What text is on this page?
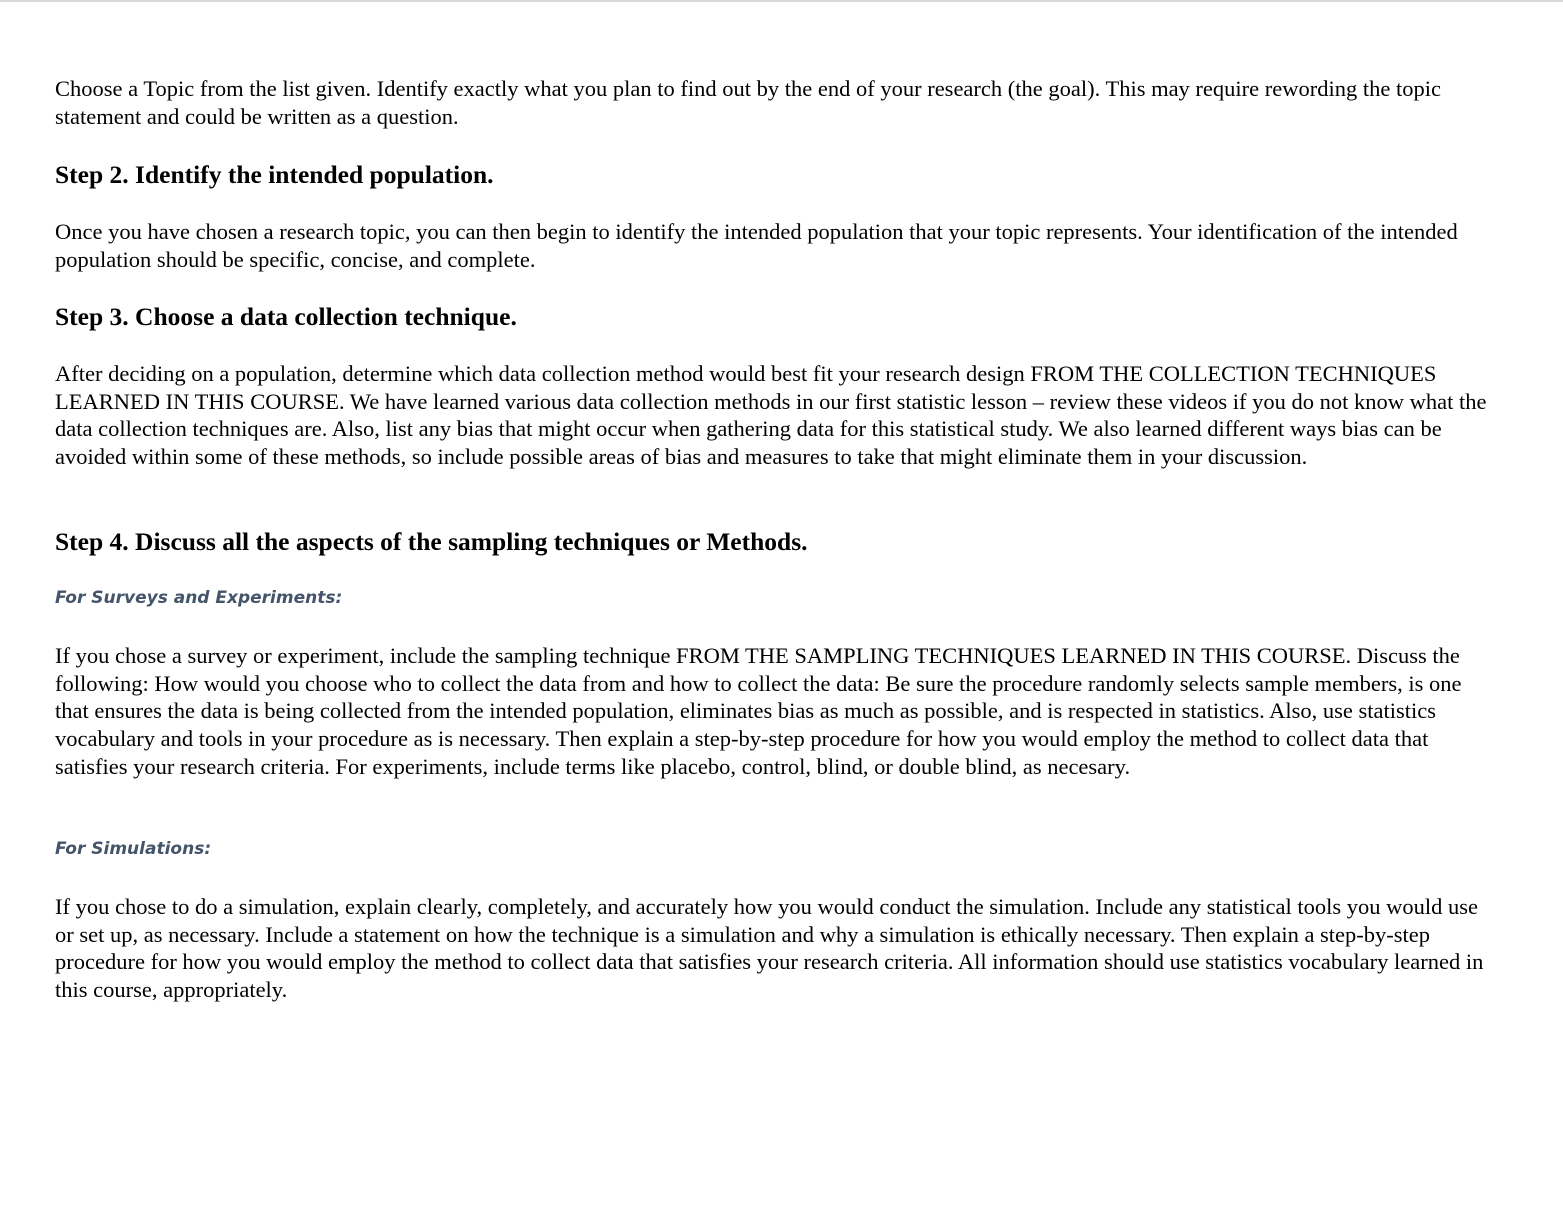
Choose a Topic from the list given. Identify exactly what you plan to find out by the end of your research (the goal). This may require rewording the topic statement and could be written as a question.

Step 2. Identify the intended population.

Once you have chosen a research topic, you can then begin to identify the intended population that your topic represents. Your identification of the intended population should be specific, concise, and complete.

Step 3. Choose a data collection technique.

After deciding on a population, determine which data collection method would best fit your research design FROM THE COLLECTION TECHNIQUES LEARNED IN THIS COURSE. We have learned various data collection methods in our first statistic lesson – review these videos if you do not know what the data collection techniques are. Also, list any bias that might occur when gathering data for this statistical study. We also learned different ways bias can be avoided within some of these methods, so include possible areas of bias and measures to take that might eliminate them in your discussion.

Step 4. Discuss all the aspects of the sampling techniques or Methods.
For Surveys and Experiments:

If you chose a survey or experiment, include the sampling technique FROM THE SAMPLING TECHNIQUES LEARNED IN THIS COURSE. Discuss the following: How would you choose who to collect the data from and how to collect the data: Be sure the procedure randomly selects sample members, is one that ensures the data is being collected from the intended population, eliminates bias as much as possible, and is respected in statistics. Also, use statistics vocabulary and tools in your procedure as is necessary. Then explain a step-by-step procedure for how you would employ the method to collect data that satisfies your research criteria. For experiments, include terms like placebo, control, blind, or double blind, as necesary.

For Simulations:

If you chose to do a simulation, explain clearly, completely, and accurately how you would conduct the simulation. Include any statistical tools you would use or set up, as necessary. Include a statement on how the technique is a simulation and why a simulation is ethically necessary. Then explain a step-by-step procedure for how you would employ the method to collect data that satisfies your research criteria. All information should use statistics vocabulary learned in this course, appropriately.
